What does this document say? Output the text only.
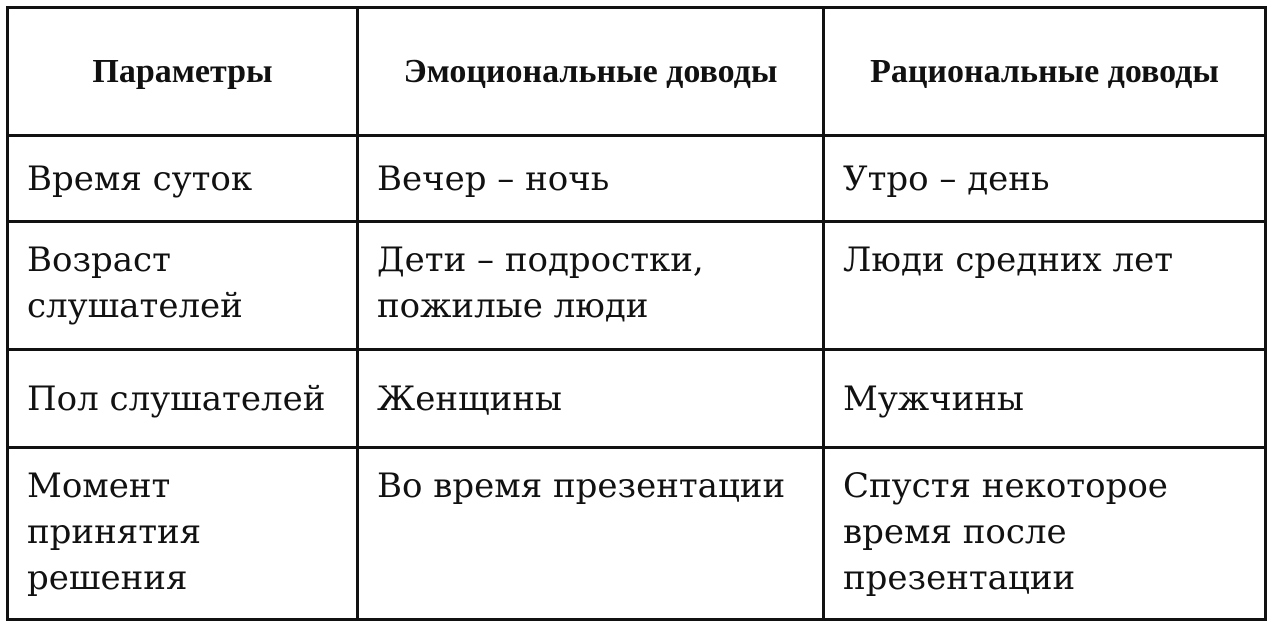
Параметры	Эмоциональные доводы	Рациональные доводы
Время суток	Вечер – ночь	Утро – день
Возраст слушателей	Дети – подростки, пожилые люди	Люди средних лет
Пол слушателей	Женщины	Мужчины
Момент принятия решения	Во время презентации	Спустя некоторое время после презентации
